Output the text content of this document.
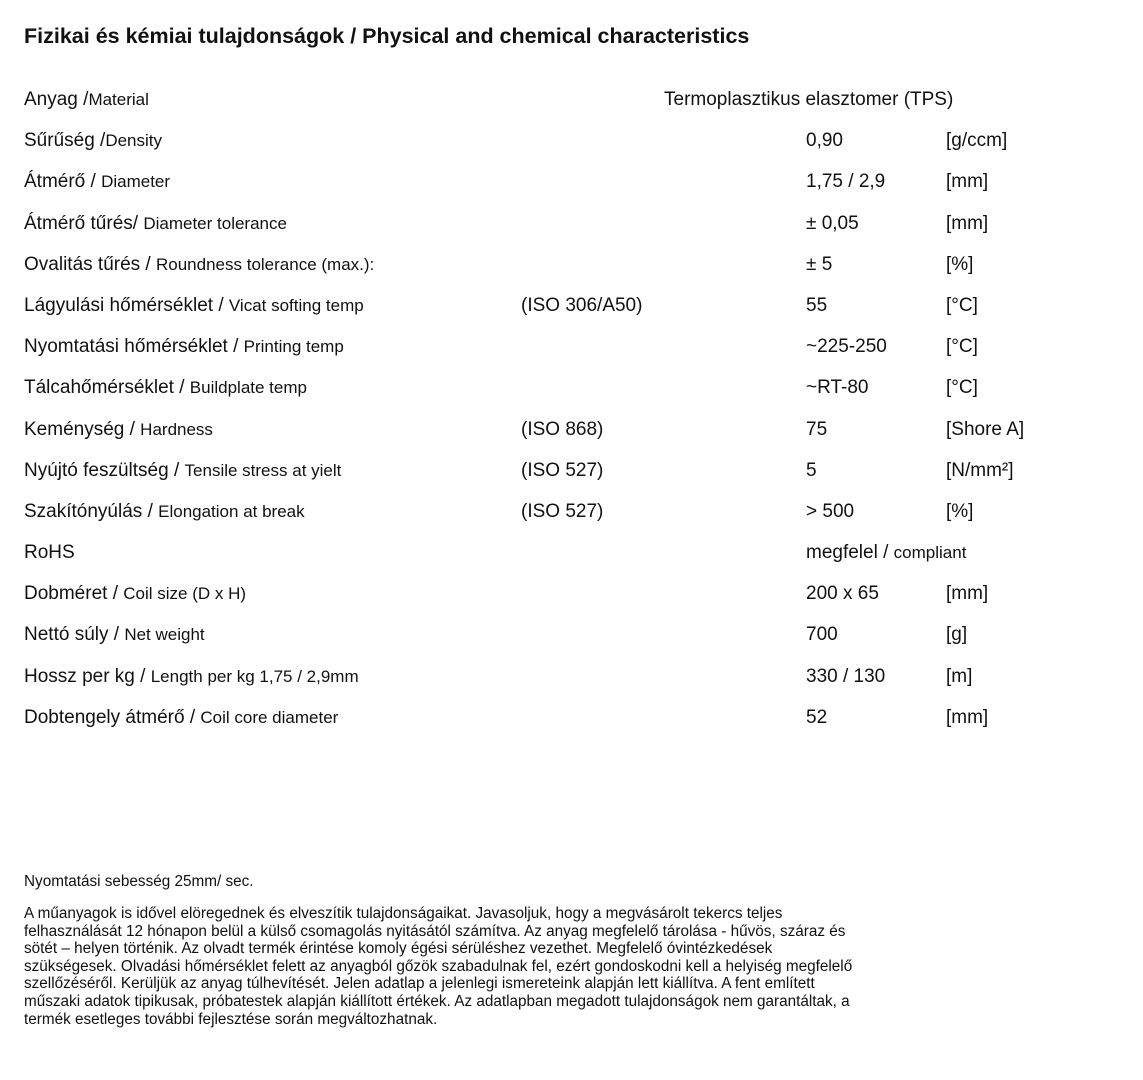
Fizikai és kémiai tulajdonságok / Physical and chemical characteristics
Anyag /Material	Termoplasztikus elasztomer (TPS)
Sűrűség /Density	0,90	[g/ccm]
Átmérő / Diameter	1,75 / 2,9	[mm]
Átmérő tűrés/ Diameter tolerance	± 0,05	[mm]
Ovalitás tűrés / Roundness tolerance (max.):	± 5	[%]
Lágyulási hőmérséklet / Vicat softing temp	(ISO 306/A50)	55	[°C]
Nyomtatási hőmérséklet / Printing temp	~225-250	[°C]
Tálcahőmérséklet / Buildplate temp	~RT-80	[°C]
Keménység / Hardness	(ISO 868)	75	[Shore A]
Nyújtó feszültség / Tensile stress at yielt	(ISO 527)	5	[N/mm²]
Szakítónyúlás / Elongation at break	(ISO 527)	> 500	[%]
RoHS	megfelel / compliant
Dobméret / Coil size (D x H)	200 x 65	[mm]
Nettó súly / Net weight	700	[g]
Hossz per kg / Length per kg 1,75 / 2,9mm	330 / 130	[m]
Dobtengely átmérő / Coil core diameter	52	[mm]
Nyomtatási sebesség 25mm/ sec.
A műanyagok is idővel elöregednek és elveszítik tulajdonságaikat. Javasoljuk, hogy a megvásárolt tekercs teljes
felhasználását 12 hónapon belül a külső csomagolás nyitásától számítva. Az anyag megfelelő tárolása - hűvös, száraz és
sötét – helyen történik. Az olvadt termék érintése komoly égési sérüléshez vezethet. Megfelelő óvintézkedések
szükségesek. Olvadási hőmérséklet felett az anyagból gőzök szabadulnak fel, ezért gondoskodni kell a helyiség megfelelő
szellőzéséről. Kerüljük az anyag túlhevítését. Jelen adatlap a jelenlegi ismereteink alapján lett kiállítva. A fent említett
műszaki adatok tipikusak, próbatestek alapján kiállított értékek. Az adatlapban megadott tulajdonságok nem garantáltak, a
termék esetleges további fejlesztése során megváltozhatnak.
